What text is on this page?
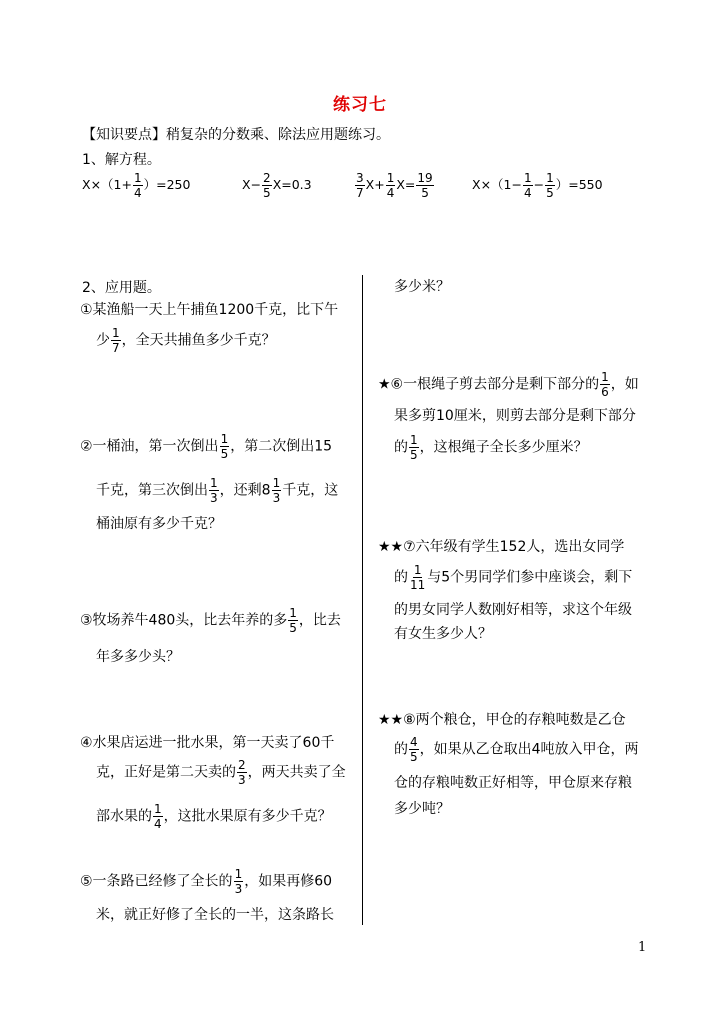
练习七
【知识要点】稍复杂的分数乘、除法应用题练习。
1、解方程。
$X\times(1+ \frac{1}{4} )=250$	$X- \frac{2}{5} X=0.3$	$\frac{3}{7} X+ \frac{1}{4} X= \frac{19}{5}$	$X\times(1- \frac{1}{4} - \frac{1}{5} )=550$
2、应用题。
①某渔船一天上午捕鱼1200千克，比下午
少 $\frac{1}{7}$ ，全天共捕鱼多少千克？
②一桶油，第一次倒出 $\frac{1}{5}$ ，第二次倒出15
千克，第三次倒出 $\frac{1}{3}$ ，还剩$8 \frac{1}{3}$ 千克，这
桶油原有多少千克？
③牧场养牛480头，比去年养的多 $\frac{1}{5}$ ，比去
年多多少头？
④水果店运进一批水果，第一天卖了60千
克，正好是第二天卖的 $\frac{2}{3}$ ，两天共卖了全
部水果的 $\frac{1}{4}$ ，这批水果原有多少千克？
⑤一条路已经修了全长的 $\frac{1}{3}$ ，如果再修60
米，就正好修了全长的一半，这条路长
多少米？
★⑥一根绳子剪去部分是剩下部分的 $\frac{1}{6}$ ，如
果多剪10厘米，则剪去部分是剩下部分
的 $\frac{1}{5}$ ，这根绳子全长多少厘米？
★★⑦六年级有学生152人，选出女同学
的 $\frac{1}{11}$ 与5个男同学们参中座谈会，剩下
的男女同学人数刚好相等，求这个年级
有女生多少人？
★★⑧两个粮仓，甲仓的存粮吨数是乙仓
的 $\frac{4}{5}$ ，如果从乙仓取出4吨放入甲仓，两
仓的存粮吨数正好相等，甲仓原来存粮
多少吨？
1
